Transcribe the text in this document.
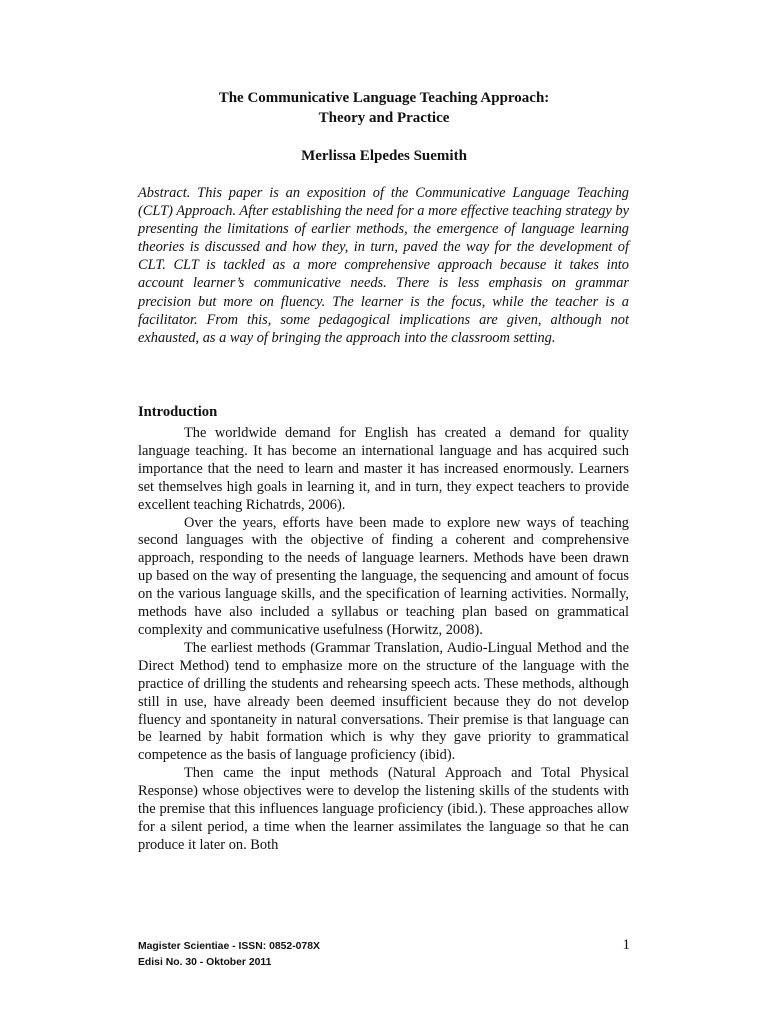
The Communicative Language Teaching Approach:
Theory and Practice
Merlissa Elpedes Suemith

Abstract. This paper is an exposition of the Communicative Language Teaching (CLT) Approach. After establishing the need for a more effective teaching strategy by presenting the limitations of earlier methods, the emergence of language learning theories is discussed and how they, in turn, paved the way for the development of CLT. CLT is tackled as a more comprehensive approach because it takes into account learner’s communicative needs. There is less emphasis on grammar precision but more on fluency. The learner is the focus, while the teacher is a facilitator. From this, some pedagogical implications are given, although not exhausted, as a way of bringing the approach into the classroom setting.

Introduction

The worldwide demand for English has created a demand for quality language teaching. It has become an international language and has acquired such importance that the need to learn and master it has increased enormously. Learners set themselves high goals in learning it, and in turn, they expect teachers to provide excellent teaching Richatrds, 2006).

Over the years, efforts have been made to explore new ways of teaching second languages with the objective of finding a coherent and comprehensive approach, responding to the needs of language learners. Methods have been drawn up based on the way of presenting the language, the sequencing and amount of focus on the various language skills, and the specification of learning activities. Normally, methods have also included a syllabus or teaching plan based on grammatical complexity and communicative usefulness (Horwitz, 2008).

The earliest methods (Grammar Translation, Audio-Lingual Method and the Direct Method) tend to emphasize more on the structure of the language with the practice of drilling the students and rehearsing speech acts. These methods, although still in use, have already been deemed insufficient because they do not develop fluency and spontaneity in natural conversations. Their premise is that language can be learned by habit formation which is why they gave priority to grammatical competence as the basis of language proficiency (ibid).

Then came the input methods (Natural Approach and Total Physical Response) whose objectives were to develop the listening skills of the students with the premise that this influences language proficiency (ibid.). These approaches allow for a silent period, a time when the learner assimilates the language so that he can produce it later on. Both

Magister Scientiae - ISSN: 0852-078X
Edisi No. 30 - Oktober 2011
1
